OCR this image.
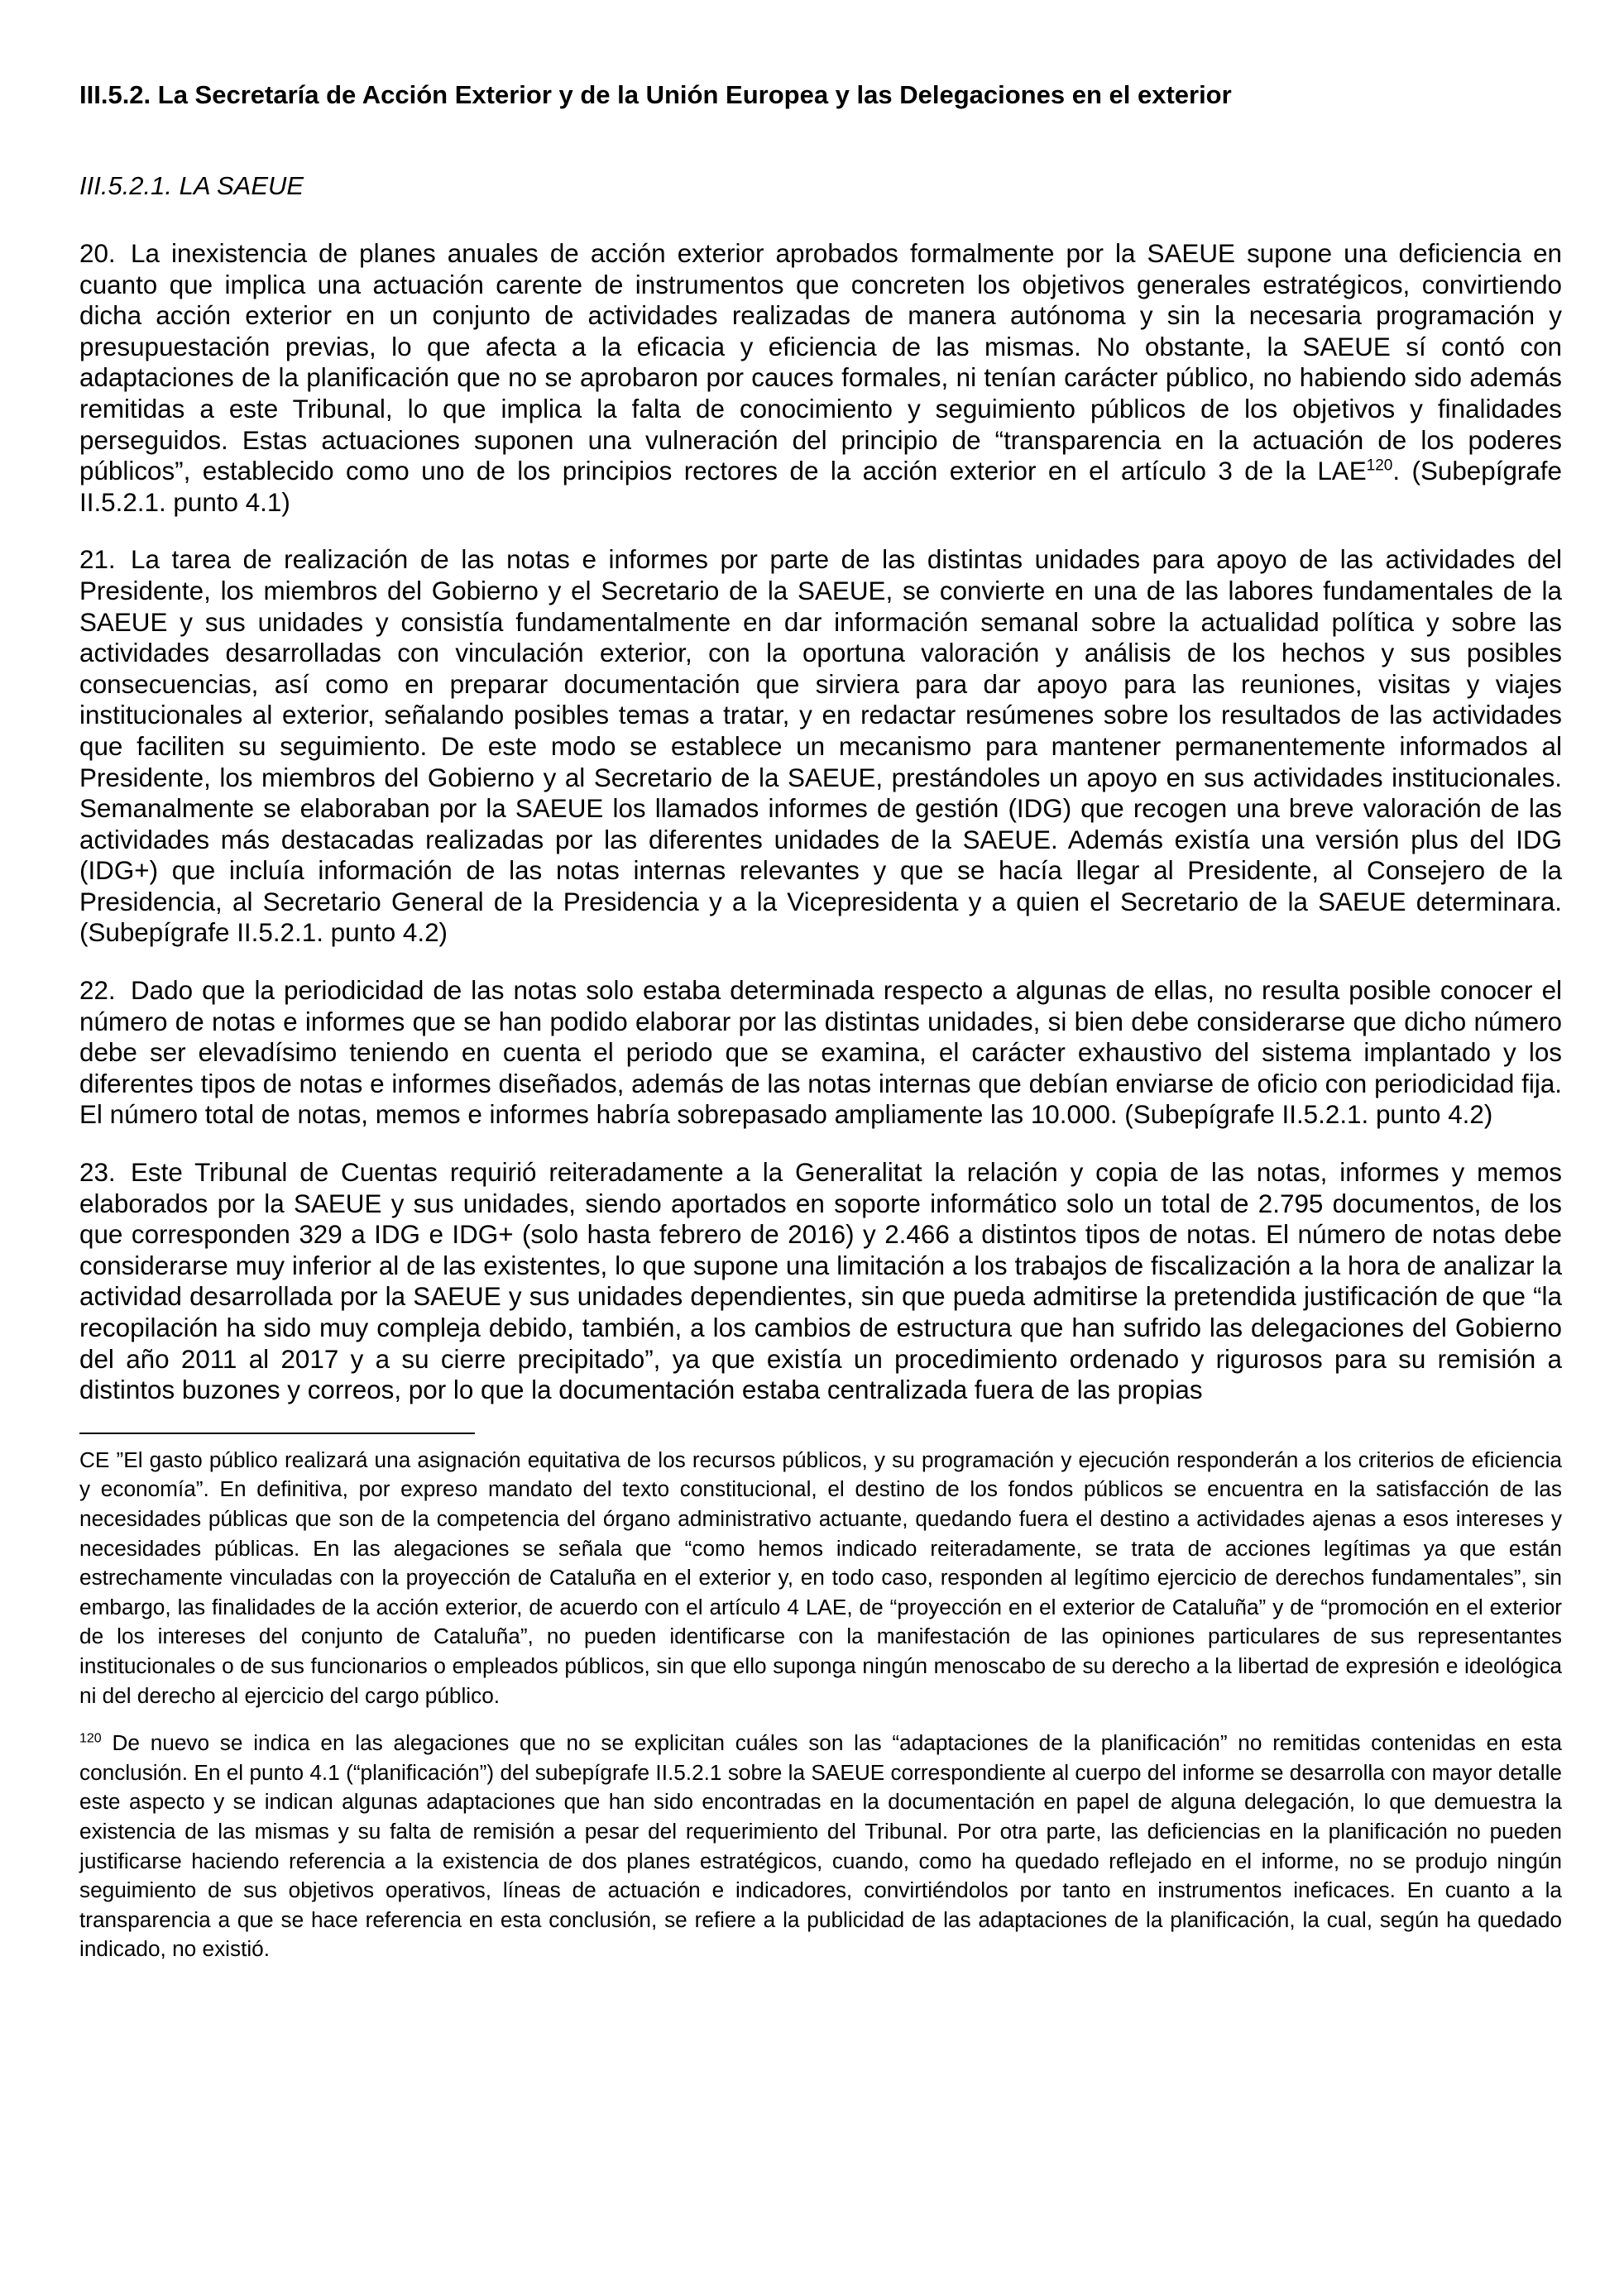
III.5.2. La Secretaría de Acción Exterior y de la Unión Europea y las Delegaciones en el exterior
III.5.2.1. LA SAEUE
20. La inexistencia de planes anuales de acción exterior aprobados formalmente por la SAEUE supone una deficiencia en cuanto que implica una actuación carente de instrumentos que concreten los objetivos generales estratégicos, convirtiendo dicha acción exterior en un conjunto de actividades realizadas de manera autónoma y sin la necesaria programación y presupuestación previas, lo que afecta a la eficacia y eficiencia de las mismas. No obstante, la SAEUE sí contó con adaptaciones de la planificación que no se aprobaron por cauces formales, ni tenían carácter público, no habiendo sido además remitidas a este Tribunal, lo que implica la falta de conocimiento y seguimiento públicos de los objetivos y finalidades perseguidos. Estas actuaciones suponen una vulneración del principio de “transparencia en la actuación de los poderes públicos”, establecido como uno de los principios rectores de la acción exterior en el artículo 3 de la LAE$^{120}$. (Subepígrafe II.5.2.1. punto 4.1)
21. La tarea de realización de las notas e informes por parte de las distintas unidades para apoyo de las actividades del Presidente, los miembros del Gobierno y el Secretario de la SAEUE, se convierte en una de las labores fundamentales de la SAEUE y sus unidades y consistía fundamentalmente en dar información semanal sobre la actualidad política y sobre las actividades desarrolladas con vinculación exterior, con la oportuna valoración y análisis de los hechos y sus posibles consecuencias, así como en preparar documentación que sirviera para dar apoyo para las reuniones, visitas y viajes institucionales al exterior, señalando posibles temas a tratar, y en redactar resúmenes sobre los resultados de las actividades que faciliten su seguimiento. De este modo se establece un mecanismo para mantener permanentemente informados al Presidente, los miembros del Gobierno y al Secretario de la SAEUE, prestándoles un apoyo en sus actividades institucionales. Semanalmente se elaboraban por la SAEUE los llamados informes de gestión (IDG) que recogen una breve valoración de las actividades más destacadas realizadas por las diferentes unidades de la SAEUE. Además existía una versión plus del IDG (IDG+) que incluía información de las notas internas relevantes y que se hacía llegar al Presidente, al Consejero de la Presidencia, al Secretario General de la Presidencia y a la Vicepresidenta y a quien el Secretario de la SAEUE determinara. (Subepígrafe II.5.2.1. punto 4.2)
22. Dado que la periodicidad de las notas solo estaba determinada respecto a algunas de ellas, no resulta posible conocer el número de notas e informes que se han podido elaborar por las distintas unidades, si bien debe considerarse que dicho número debe ser elevadísimo teniendo en cuenta el periodo que se examina, el carácter exhaustivo del sistema implantado y los diferentes tipos de notas e informes diseñados, además de las notas internas que debían enviarse de oficio con periodicidad fija. El número total de notas, memos e informes habría sobrepasado ampliamente las 10.000. (Subepígrafe II.5.2.1. punto 4.2)
23. Este Tribunal de Cuentas requirió reiteradamente a la Generalitat la relación y copia de las notas, informes y memos elaborados por la SAEUE y sus unidades, siendo aportados en soporte informático solo un total de 2.795 documentos, de los que corresponden 329 a IDG e IDG+ (solo hasta febrero de 2016) y 2.466 a distintos tipos de notas. El número de notas debe considerarse muy inferior al de las existentes, lo que supone una limitación a los trabajos de fiscalización a la hora de analizar la actividad desarrollada por la SAEUE y sus unidades dependientes, sin que pueda admitirse la pretendida justificación de que “la recopilación ha sido muy compleja debido, también, a los cambios de estructura que han sufrido las delegaciones del Gobierno del año 2011 al 2017 y a su cierre precipitado”, ya que existía un procedimiento ordenado y rigurosos para su remisión a distintos buzones y correos, por lo que la documentación estaba centralizada fuera de las propias
CE ”El gasto público realizará una asignación equitativa de los recursos públicos, y su programación y ejecución responderán a los criterios de eficiencia y economía”. En definitiva, por expreso mandato del texto constitucional, el destino de los fondos públicos se encuentra en la satisfacción de las necesidades públicas que son de la competencia del órgano administrativo actuante, quedando fuera el destino a actividades ajenas a esos intereses y necesidades públicas. En las alegaciones se señala que “como hemos indicado reiteradamente, se trata de acciones legítimas ya que están estrechamente vinculadas con la proyección de Cataluña en el exterior y, en todo caso, responden al legítimo ejercicio de derechos fundamentales”, sin embargo, las finalidades de la acción exterior, de acuerdo con el artículo 4 LAE, de “proyección en el exterior de Cataluña” y de “promoción en el exterior de los intereses del conjunto de Cataluña”, no pueden identificarse con la manifestación de las opiniones particulares de sus representantes institucionales o de sus funcionarios o empleados públicos, sin que ello suponga ningún menoscabo de su derecho a la libertad de expresión e ideológica ni del derecho al ejercicio del cargo público.
$^{120}$ De nuevo se indica en las alegaciones que no se explicitan cuáles son las “adaptaciones de la planificación” no remitidas contenidas en esta conclusión. En el punto 4.1 (“planificación”) del subepígrafe II.5.2.1 sobre la SAEUE correspondiente al cuerpo del informe se desarrolla con mayor detalle este aspecto y se indican algunas adaptaciones que han sido encontradas en la documentación en papel de alguna delegación, lo que demuestra la existencia de las mismas y su falta de remisión a pesar del requerimiento del Tribunal. Por otra parte, las deficiencias en la planificación no pueden justificarse haciendo referencia a la existencia de dos planes estratégicos, cuando, como ha quedado reflejado en el informe, no se produjo ningún seguimiento de sus objetivos operativos, líneas de actuación e indicadores, convirtiéndolos por tanto en instrumentos ineficaces. En cuanto a la transparencia a que se hace referencia en esta conclusión, se refiere a la publicidad de las adaptaciones de la planificación, la cual, según ha quedado indicado, no existió.
